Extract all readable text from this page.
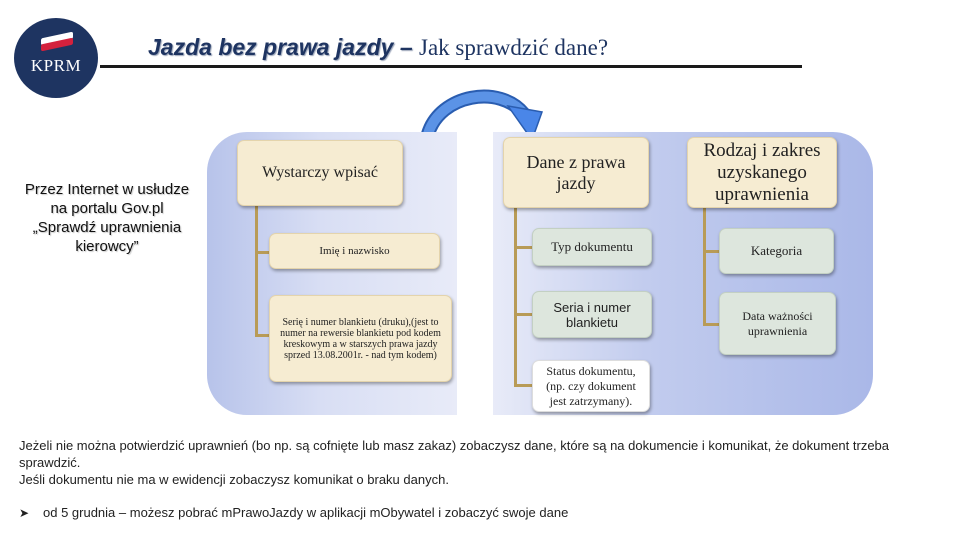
KPRM
Jazda bez prawa jazdy – Jak sprawdzić dane?
Przez Internet w usłudze na portalu Gov.pl „Sprawdź uprawnienia kierowcy”
Wystarczy wpisać
Imię i nazwisko
Serię i numer blankietu (druku),(jest to numer na rewersie blankietu pod kodem kreskowym a w starszych prawa jazdy sprzed 13.08.2001r. - nad tym kodem)
Dane z prawa jazdy
Typ dokumentu
Seria i numer blankietu
Status dokumentu, (np. czy dokument jest zatrzymany).
Rodzaj i zakres uzyskanego uprawnienia
Kategoria
Data ważności uprawnienia
Jeżeli nie można potwierdzić uprawnień (bo np. są cofnięte lub masz zakaz) zobaczysz dane, które są na dokumencie i komunikat, że dokument trzeba sprawdzić.
Jeśli dokumentu nie ma w ewidencji zobaczysz komunikat o braku danych.
➤ od 5 grudnia – możesz pobrać mPrawoJazdy w aplikacji mObywatel i zobaczyć swoje dane
